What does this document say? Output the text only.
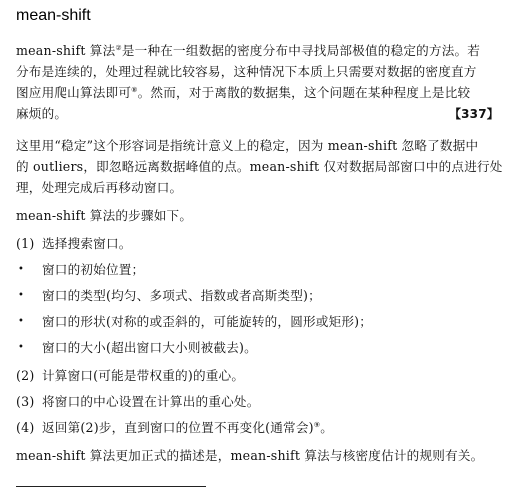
mean-shift

mean-shift 算法②是一种在一组数据的密度分布中寻找局部极值的稳定的方法。若

分布是连续的，处理过程就比较容易，这种情况下本质上只需要对数据的密度直方

图应用爬山算法即可⑧。然而，对于离散的数据集，这个问题在某种程度上是比较

麻烦的。	【337】

这里用“稳定”这个形容词是指统计意义上的稳定，因为 mean-shift 忽略了数据中

的 outliers，即忽略远离数据峰值的点。mean-shift 仅对数据局部窗口中的点进行处

理，处理完成后再移动窗口。

mean-shift 算法的步骤如下。

(1) 选择搜索窗口。
•	窗口的初始位置；
•	窗口的类型(均匀、多项式、指数或者高斯类型)；
•	窗口的形状(对称的或歪斜的，可能旋转的，圆形或矩形)；
•	窗口的大小(超出窗口大小则被截去)。
(2) 计算窗口(可能是带权重的)的重心。
(3) 将窗口的中心设置在计算出的重心处。
(4) 返回第(2)步，直到窗口的位置不再变化(通常会)⑨。

mean-shift 算法更加正式的描述是，mean-shift 算法与核密度估计的规则有关。
